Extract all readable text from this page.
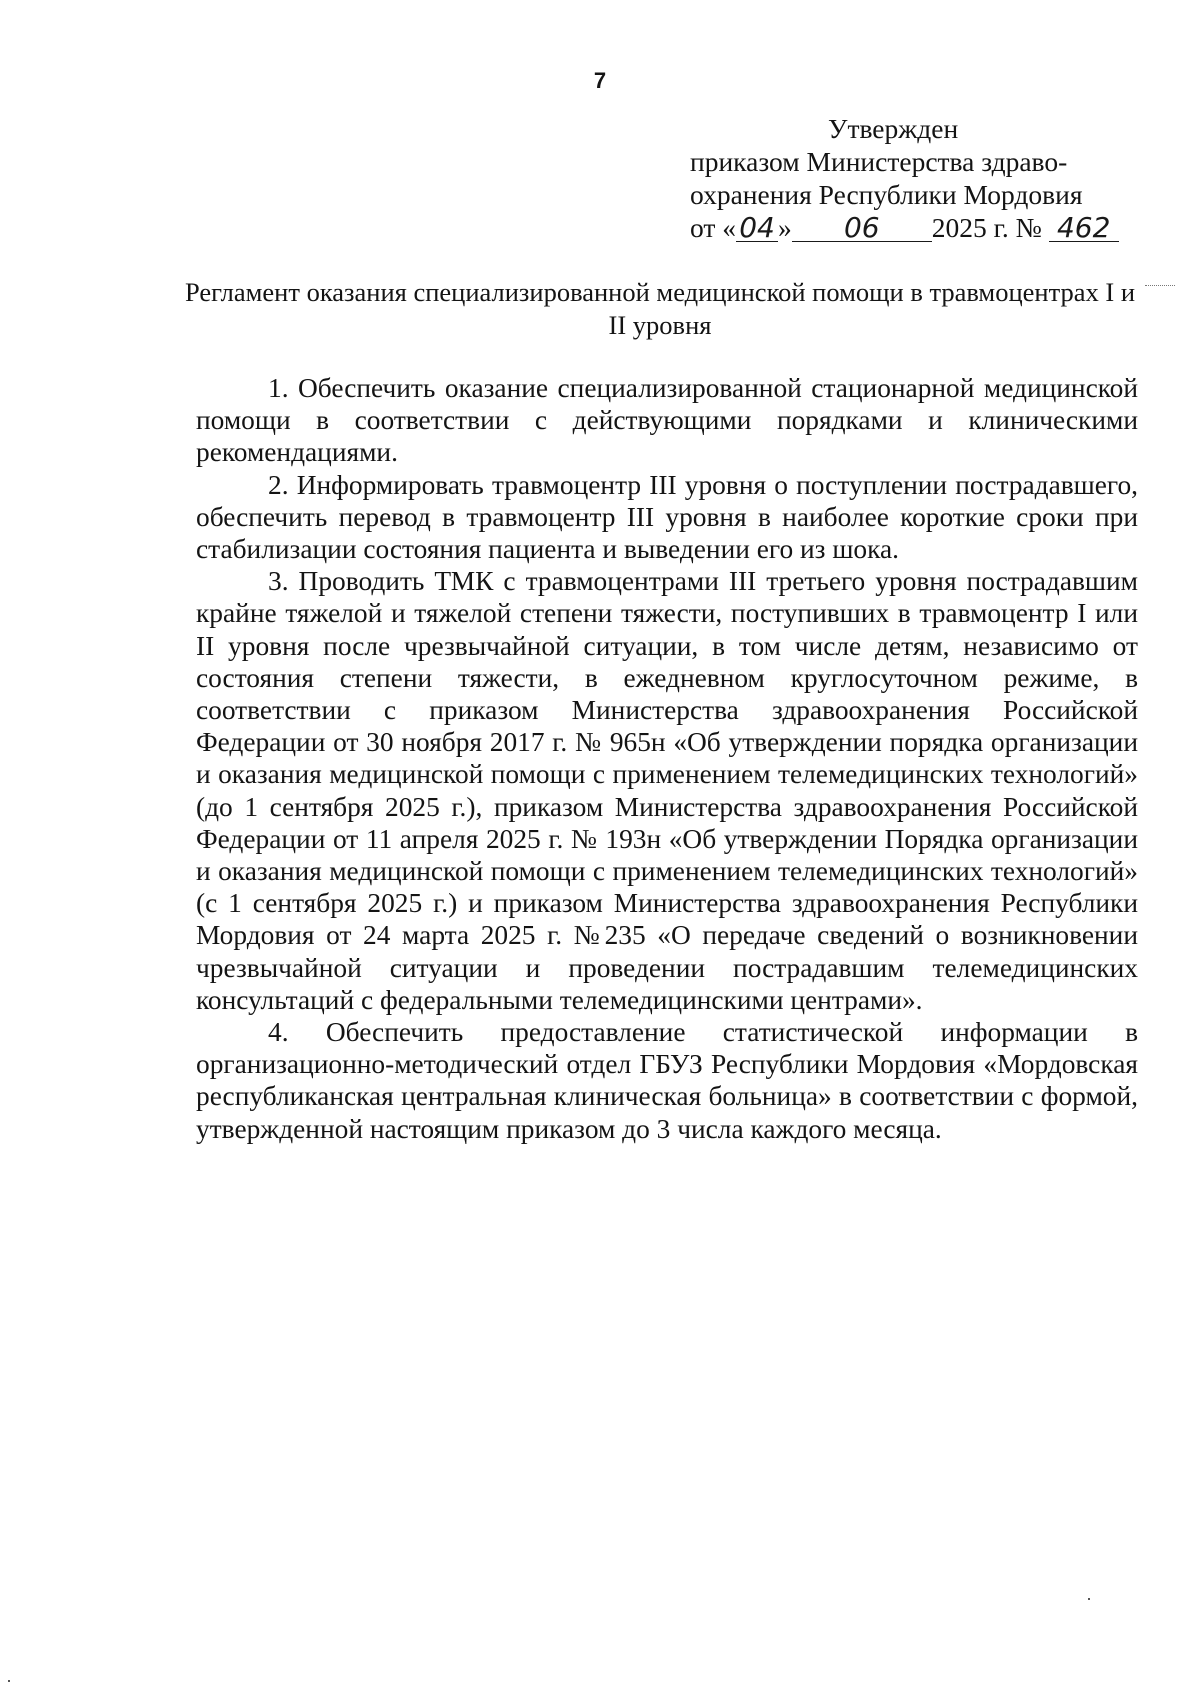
7
Утвержден
приказом Министерства здраво-
охранения Республики Мордовия
от « 04 » 06 2025 г. № 462
Регламент оказания специализированной медицинской помощи в травмоцентрах I и II уровня

1. Обеспечить оказание специализированной стационарной медицинской помощи в соответствии с действующими порядками и клиническими рекомендациями.

2. Информировать травмоцентр III уровня о поступлении пострадавшего, обеспечить перевод в травмоцентр III уровня в наиболее короткие сроки при стабилизации состояния пациента и выведении его из шока.

3. Проводить ТМК с травмоцентрами III третьего уровня пострадавшим крайне тяжелой и тяжелой степени тяжести, поступивших в травмоцентр I или II уровня после чрезвычайной ситуации, в том числе детям, независимо от состояния степени тяжести, в ежедневном круглосуточном режиме, в соответствии с приказом Министерства здравоохранения Российской Федерации от 30 ноября 2017 г. № 965н «Об утверждении порядка организации и оказания медицинской помощи с применением телемедицинских технологий» (до 1 сентября 2025 г.), приказом Министерства здравоохранения Российской Федерации от 11 апреля 2025 г. № 193н «Об утверждении Порядка организации и оказания медицинской помощи с применением телемедицинских технологий» (с 1 сентября 2025 г.) и приказом Министерства здравоохранения Республики Мордовия от 24 марта 2025 г. №235 «О передаче сведений о возникновении чрезвычайной ситуации и проведении пострадавшим телемедицинских консультаций с федеральными телемедицинскими центрами».

4. Обеспечить предоставление статистической информации в организационно-методический отдел ГБУЗ Республики Мордовия «Мордовская республиканская центральная клиническая больница» в соответствии с формой, утвержденной настоящим приказом до 3 числа каждого месяца.
